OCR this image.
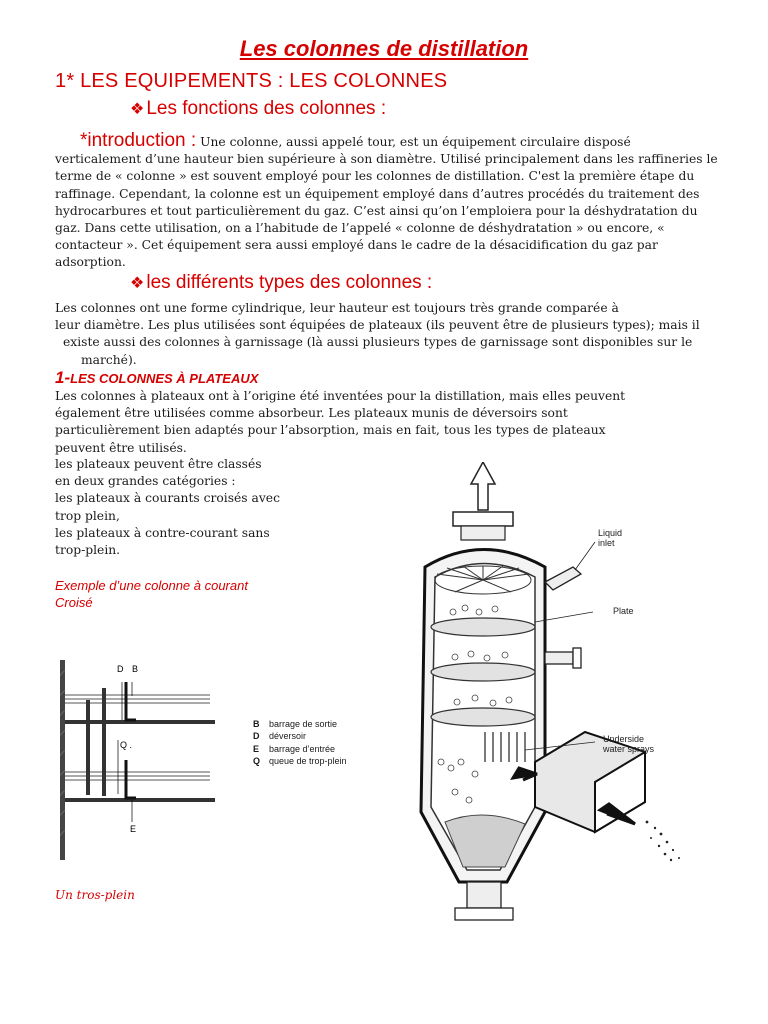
Les colonnes de distillation
1* LES EQUIPEMENTS : LES COLONNES
❖ Les fonctions des colonnes :
*introduction : Une colonne, aussi appelé tour, est un équipement circulaire disposé verticalement d’une hauteur bien supérieure à son diamètre. Utilisé principalement dans les raffineries le terme de « colonne » est souvent employé pour les colonnes de distillation. C'est la première étape du raffinage. Cependant, la colonne est un équipement employé dans d’autres procédés du traitement des hydrocarbures et tout particulièrement du gaz. C’est ainsi qu’on l’emploiera pour la déshydratation du gaz. Dans cette utilisation, on a l’habitude de l’appelé « colonne de déshydratation » ou encore, « contacteur ». Cet équipement sera aussi employé dans le cadre de la désacidification du gaz par adsorption.
❖ les différents types des colonnes :
Les colonnes ont une forme cylindrique, leur hauteur est toujours très grande comparée à
leur diamètre. Les plus utilisées sont équipées de plateaux (ils peuvent être de plusieurs types); mais il
existe aussi des colonnes à garnissage (là aussi plusieurs types de garnissage sont disponibles sur le
marché).
1-LES COLONNES À PLATEAUX
Les colonnes à plateaux ont à l’origine été inventées pour la distillation, mais elles peuvent
également être utilisées comme absorbeur. Les plateaux munis de déversoirs sont
particulièrement bien adaptés pour l’absorption, mais en fait, tous les types de plateaux
peuvent être utilisés.
les plateaux peuvent être classés
en deux grandes catégories :
les plateaux à courants croisés avec
trop plein,
les plateaux à contre-courant sans
trop-plein.
Exemple d’une colonne à courant
Croisé
D B
Q .
E
B barrage de sortie
D déversoir
E barrage d’entrée
Q queue de trop-plein
Un tros-plein
Liquid
inlet
Plate
Underside
water sprays
